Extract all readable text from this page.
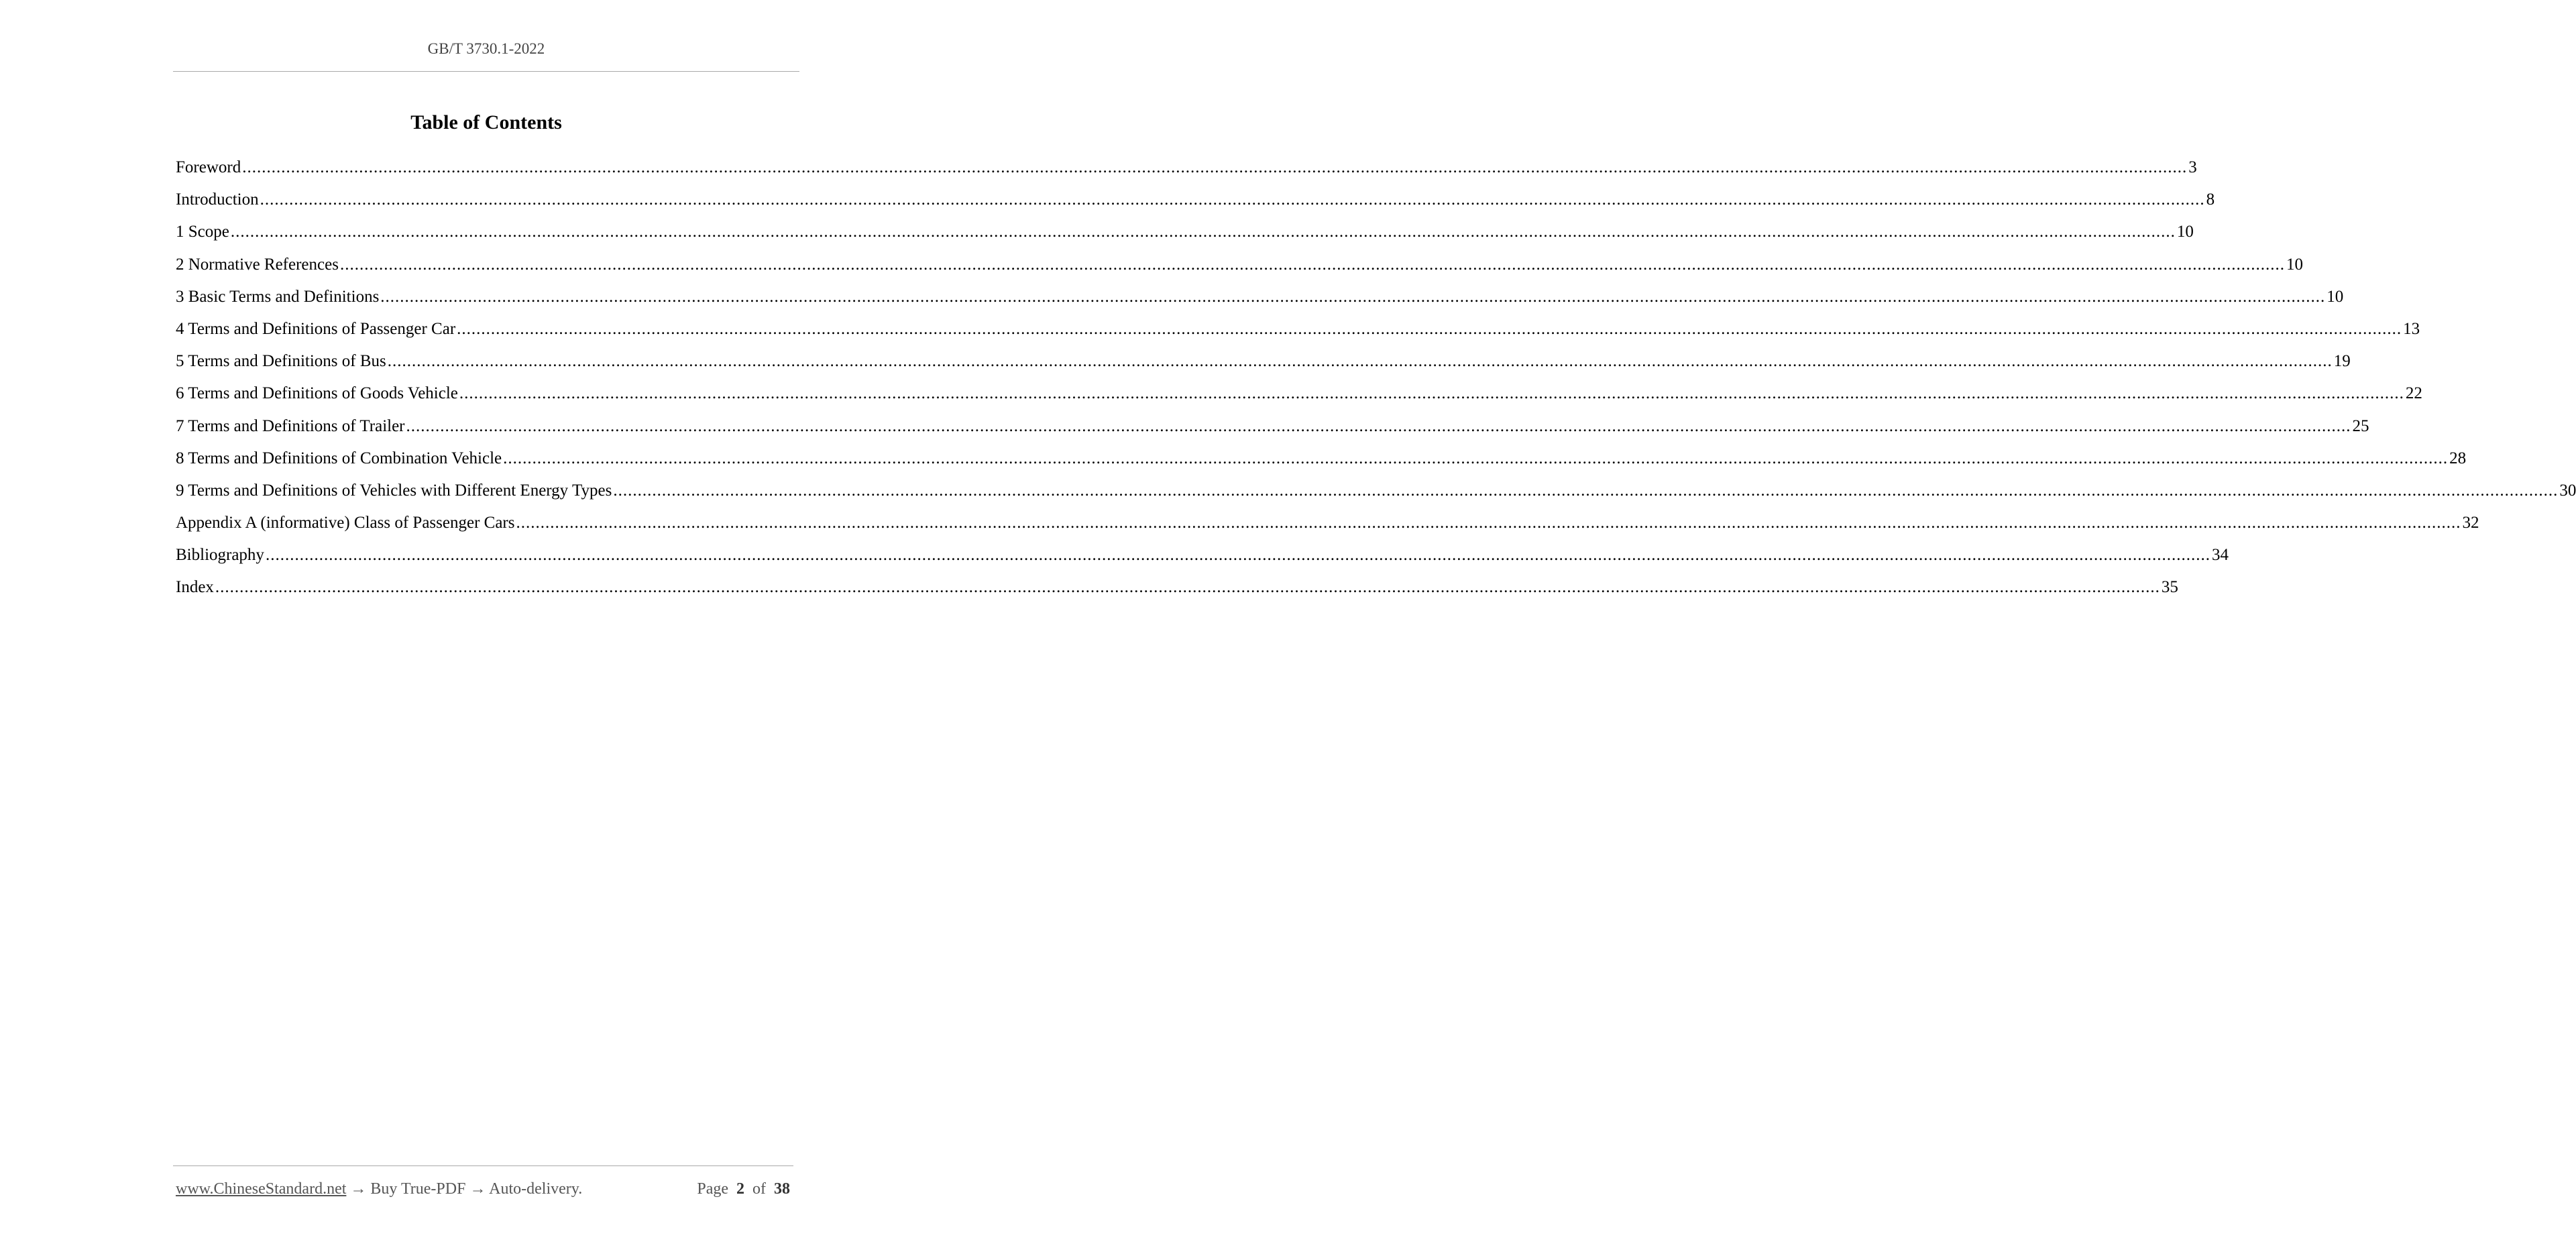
GB/T 3730.1-2022
Table of Contents
Foreword ................................................................................................................................................................................................................................................................................................................................................................................................................ 3
Introduction ................................................................................................................................................................................................................................................................................................................................................................................................................ 8
1 Scope ................................................................................................................................................................................................................................................................................................................................................................................................................ 10
2 Normative References ................................................................................................................................................................................................................................................................................................................................................................................................................ 10
3 Basic Terms and Definitions ................................................................................................................................................................................................................................................................................................................................................................................................................ 10
4 Terms and Definitions of Passenger Car ................................................................................................................................................................................................................................................................................................................................................................................................................ 13
5 Terms and Definitions of Bus ................................................................................................................................................................................................................................................................................................................................................................................................................ 19
6 Terms and Definitions of Goods Vehicle ................................................................................................................................................................................................................................................................................................................................................................................................................ 22
7 Terms and Definitions of Trailer ................................................................................................................................................................................................................................................................................................................................................................................................................ 25
8 Terms and Definitions of Combination Vehicle ................................................................................................................................................................................................................................................................................................................................................................................................................ 28
9 Terms and Definitions of Vehicles with Different Energy Types ................................................................................................................................................................................................................................................................................................................................................................................................................ 30
Appendix A (informative) Class of Passenger Cars ................................................................................................................................................................................................................................................................................................................................................................................................................ 32
Bibliography ................................................................................................................................................................................................................................................................................................................................................................................................................ 34
Index ................................................................................................................................................................................................................................................................................................................................................................................................................ 35
www.ChineseStandard.net → Buy True-PDF → Auto-delivery.	Page 2 of 38
